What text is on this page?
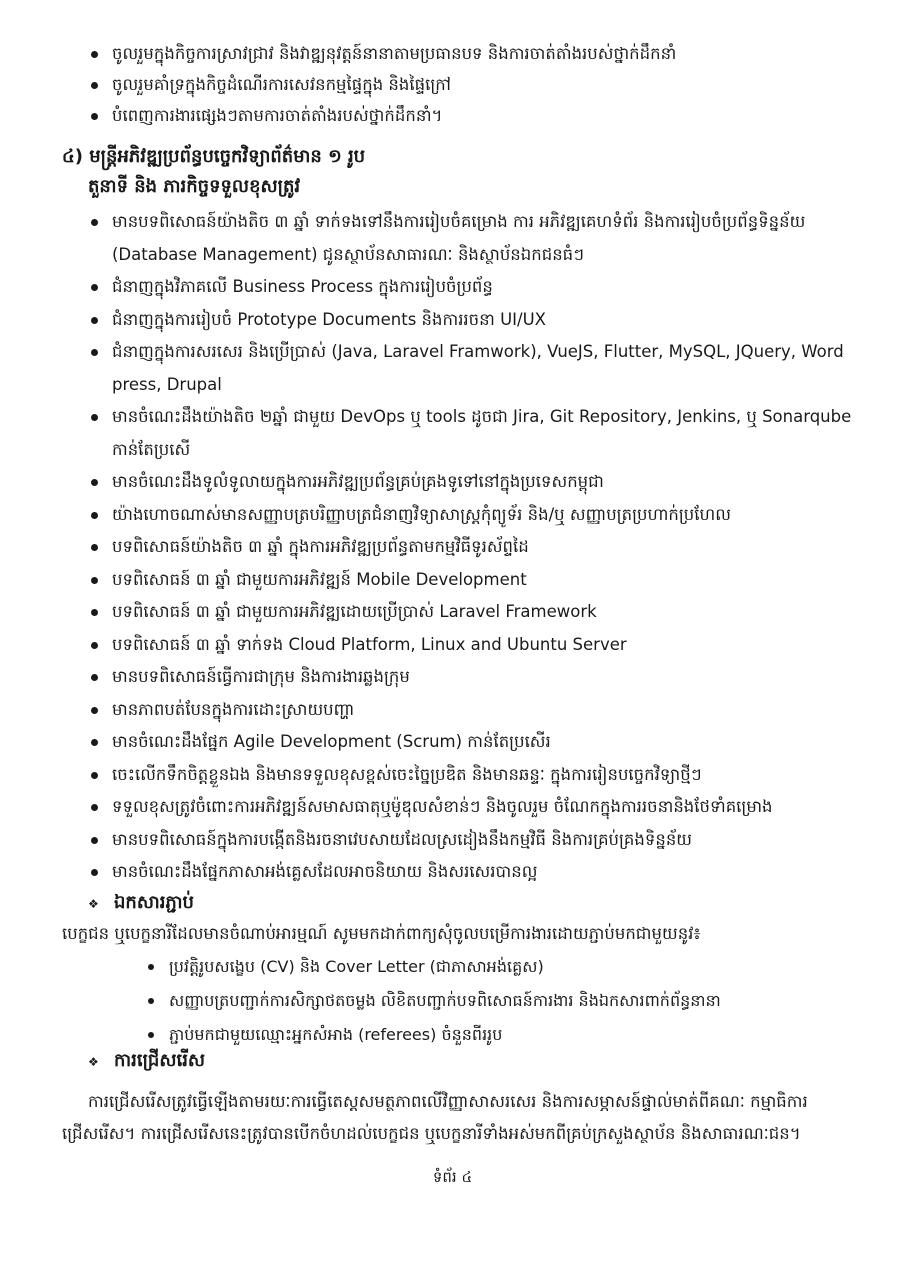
ចូលរួមក្នុងកិច្ចការស្រាវជ្រាវ និងវាឌ្ឍនុវត្តន៍នានាតាមប្រធានបទ និងការចាត់តាំងរបស់ថ្នាក់ដឹកនាំ
ចូលរួមគាំទ្រក្នុងកិច្ចដំណើរការសេវនកម្មផ្ទៃក្នុង និងផ្ទៃក្រៅ
បំពេញការងារផ្សេងៗតាមការចាត់តាំងរបស់ថ្នាក់ដឹកនាំ។
៤) មន្ត្រីអភិវឌ្ឍប្រព័ន្ធបច្ចេកវិទ្យាព័ត៌មាន ១ រូប
តួនាទី និង ភារកិច្ចទទួលខុសត្រូវ
មានបទពិសោធន៍យ៉ាងតិច ៣ ឆ្នាំ ទាក់ទងទៅនឹងការរៀបចំគម្រោង ការ អភិវឌ្ឍគេហទំព័រ និងការរៀបចំប្រព័ន្ធទិន្នន័យ (Database Management) ជូនស្ថាប័នសាធារណៈ និងស្ថាប័នឯកជនធំៗ
ជំនាញក្នុងវិភាគលើ Business Process ក្នុងការរៀបចំប្រព័ន្ធ
ជំនាញក្នុងការរៀបចំ Prototype Documents និងការរចនា UI/UX
ជំនាញក្នុងការសរសេរ និងប្រើប្រាស់ (Java, Laravel Framwork), VueJS, Flutter, MySQL, JQuery, Word press, Drupal
មានចំណេះដឹងយ៉ាងតិច ២ឆ្នាំ ជាមួយ DevOps ឬ tools ដូចជា Jira, Git Repository, Jenkins, ឬ Sonarqube កាន់តែប្រសើ
មានចំណេះដឹងទូលំទូលាយក្នុងការអភិវឌ្ឍប្រព័ន្ធគ្រប់គ្រងទូទៅនៅក្នុងប្រទេសកម្ពុជា
យ៉ាងហោចណាស់មានសញ្ញាបត្របរិញ្ញាបត្រជំនាញវិទ្យាសាស្ត្រកុំព្យូទ័រ និង/ឬ សញ្ញាបត្រប្រហាក់ប្រហែល
បទពិសោធន៍យ៉ាងតិច ៣ ឆ្នាំ ក្នុងការអភិវឌ្ឍប្រព័ន្ធតាមកម្មវិធីទូរស័ព្ទដៃ
បទពិសោធន៍ ៣ ឆ្នាំ ជាមួយការអភិវឌ្ឍន៍ Mobile Development
បទពិសោធន៍ ៣ ឆ្នាំ ជាមួយការអភិវឌ្ឍដោយប្រើប្រាស់ Laravel Framework
បទពិសោធន៍ ៣ ឆ្នាំ ទាក់ទង Cloud Platform, Linux and Ubuntu Server
មានបទពិសោធន៍ធ្វើការជាក្រុម និងការងារឆ្លងក្រុម
មានភាពបត់បែនក្នុងការដោះស្រាយបញ្ហា
មានចំណេះដឹងផ្នែក Agile Development (Scrum) កាន់តែប្រសើរ
ចេះលើកទឹកចិត្តខ្លួនឯង និងមានទទួលខុសខ្ពស់ចេះច្នៃប្រឌិត និងមានឆន្ទៈ ក្នុងការរៀនបច្ចេកវិទ្យាថ្មីៗ
ទទួលខុសត្រូវចំពោះការអភិវឌ្ឍន៍សមាសធាតុឬម៉ូឌុលសំខាន់ៗ និងចូលរួម ចំណែកក្នុងការរចនានិងថែទាំគម្រោង
មានបទពិសោធន៍ក្នុងការបង្កើតនិងរចនាវេបសាយដែលស្រដៀងនឹងកម្មវិធី និងការគ្រប់គ្រងទិន្នន័យ
មានចំណេះដឹងផ្នែកភាសាអង់គ្លេសដែលអាចនិយាយ និងសរសេរបានល្អ
❖ ឯកសារភ្ជាប់
បេក្ខជន ឬបេក្ខនារីដែលមានចំណាប់អារម្មណ៍ សូមមកដាក់ពាក្យសុំចូលបម្រើការងារដោយភ្ជាប់មកជាមួយនូវ៖
ប្រវត្តិរូបសង្ខេប (CV) និង Cover Letter (ជាភាសាអង់គ្លេស)
សញ្ញាបត្របញ្ជាក់ការសិក្សាថតចម្លង លិខិតបញ្ជាក់បទពិសោធន៍ការងារ និងឯកសារពាក់ព័ន្ធនានា
ភ្ជាប់មកជាមួយឈ្មោះអ្នកសំអាង (referees) ចំនួនពីររូប
❖ ការជ្រើសរើស
ការជ្រើសរើសត្រូវធ្វើឡើងតាមរយៈការធ្វើតេស្តសមត្ថភាពលើវិញ្ញាសាសរសេរ និងការសម្ភាសន៍ផ្ទាល់មាត់ពីគណៈ កម្មាធិការ
ជ្រើសរើស។ ការជ្រើសរើសនេះត្រូវបានបើកចំហដល់បេក្ខជន ឬបេក្ខនារីទាំងអស់មកពីគ្រប់ក្រសួងស្ថាប័ន និងសាធារណៈជន។
ទំព័រ ៤
